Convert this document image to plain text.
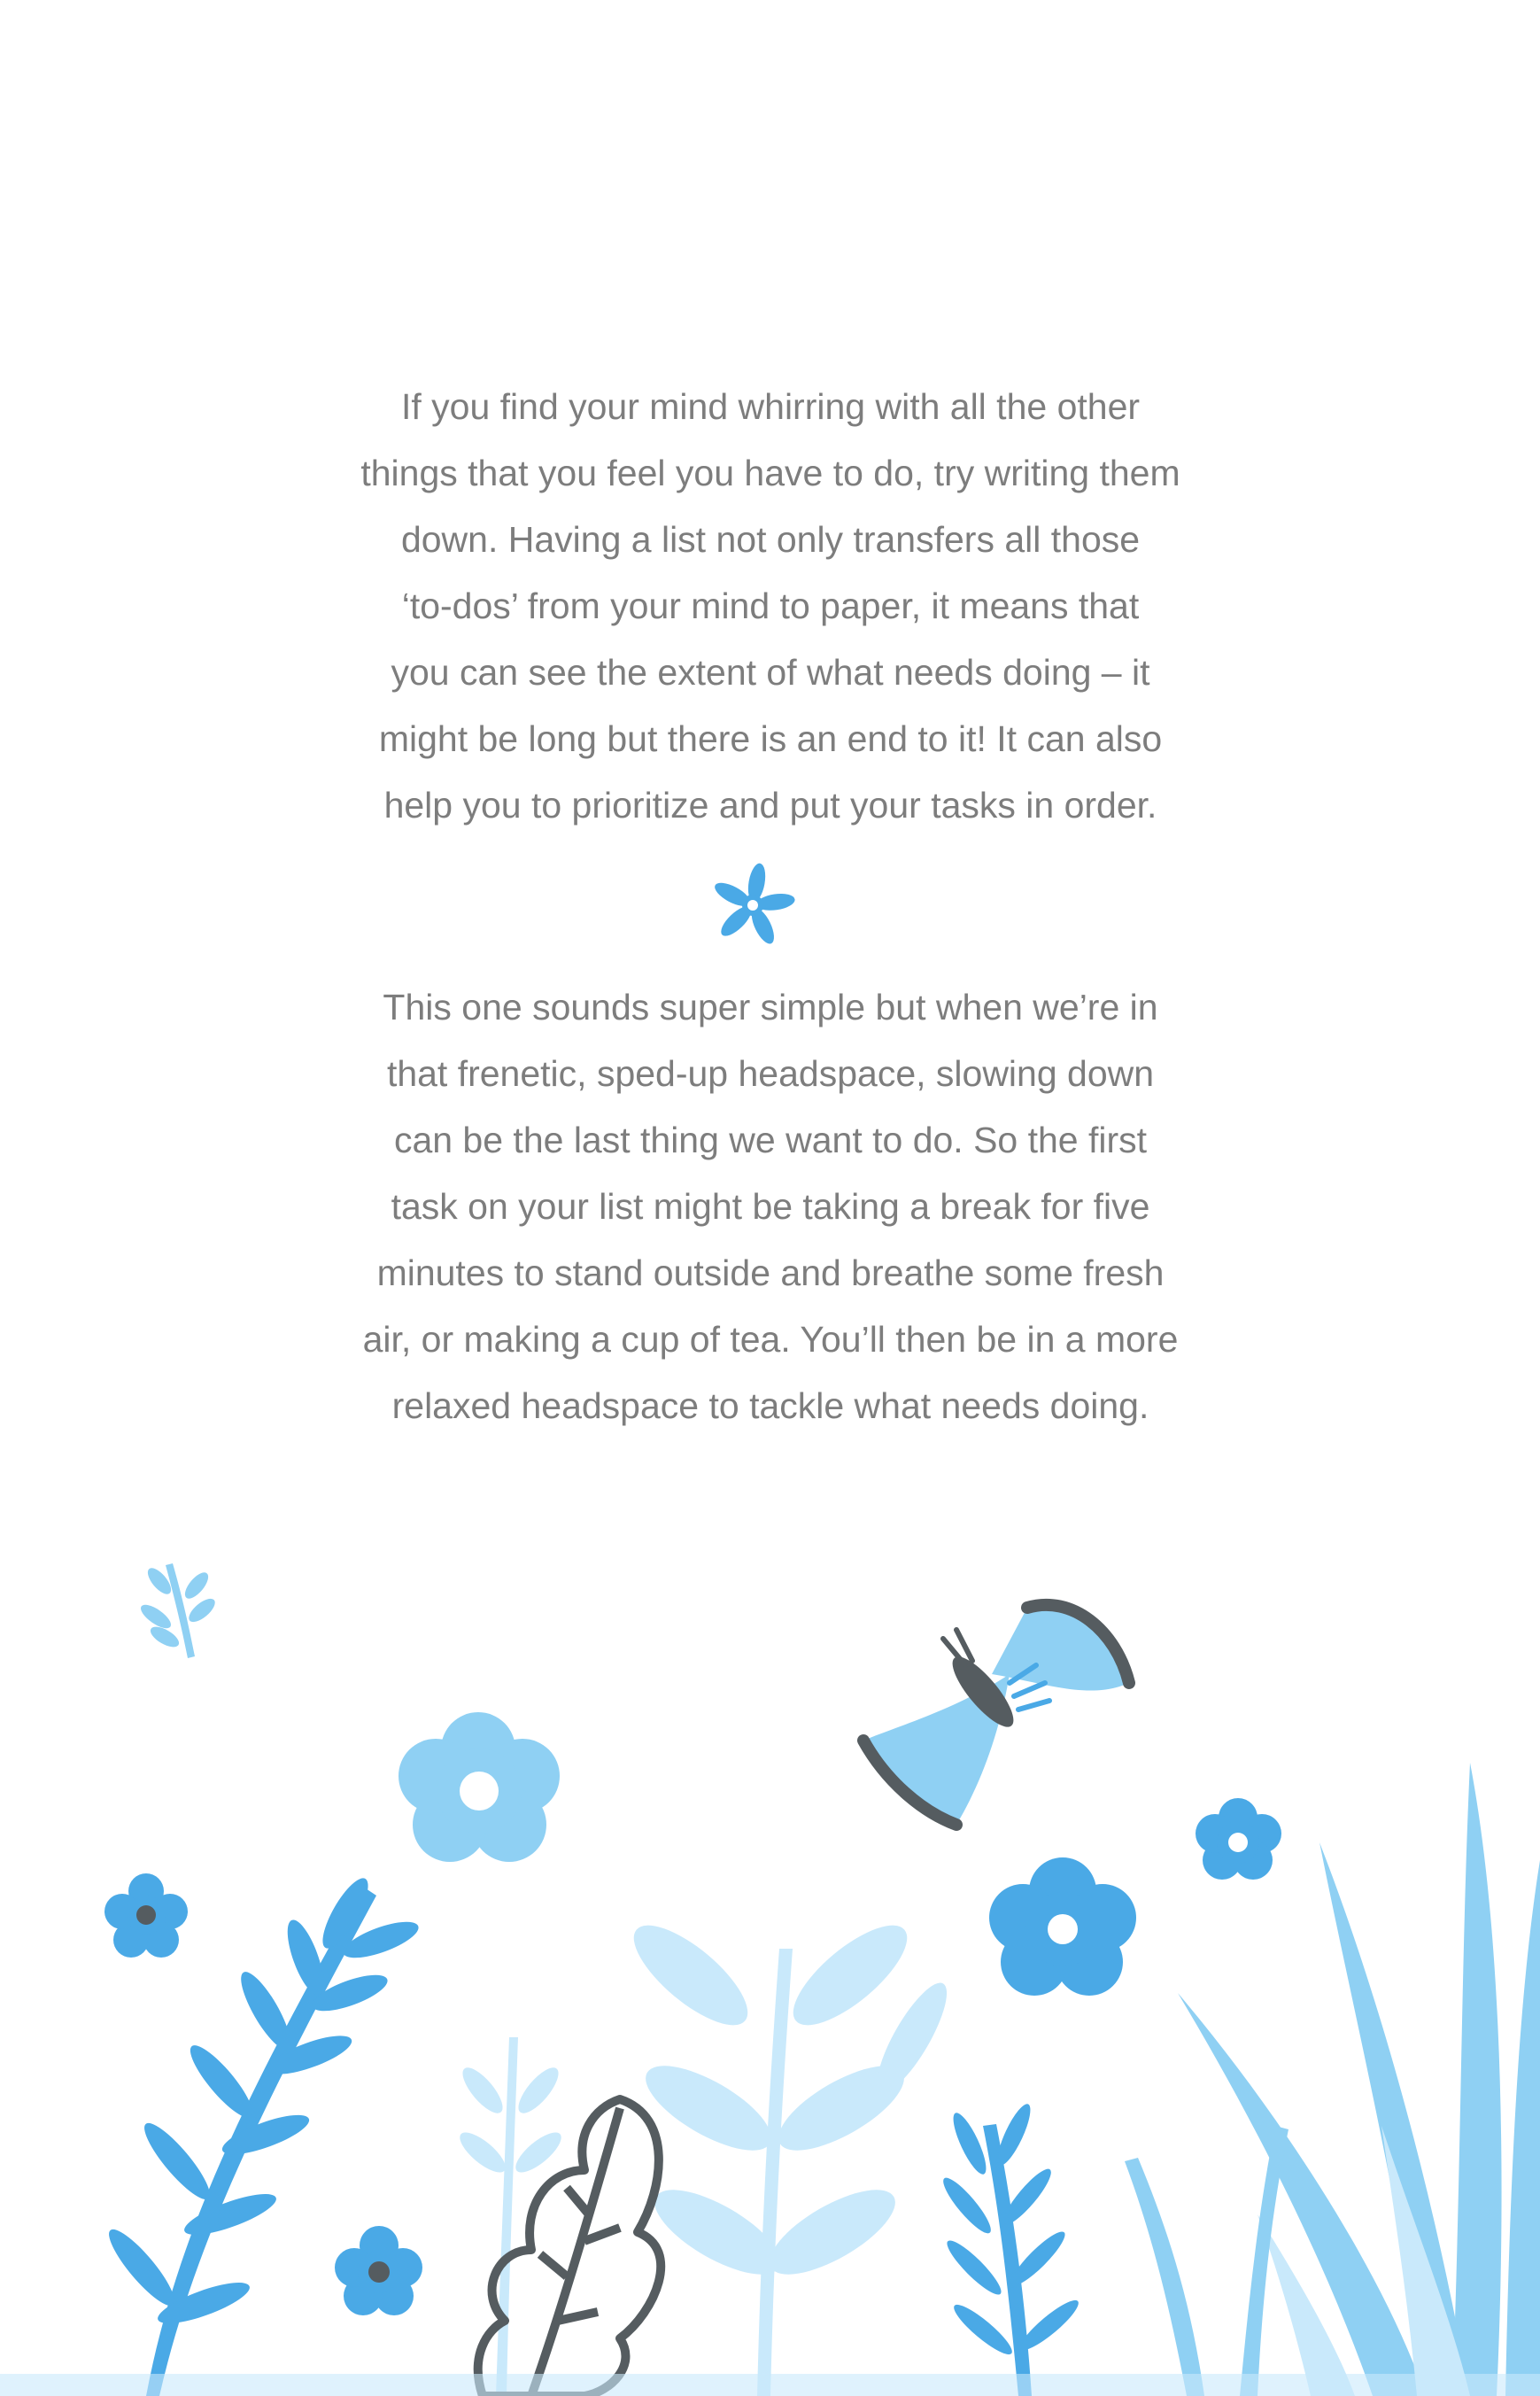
If you find your mind whirring with all the other

things that you feel you have to do, try writing them

down. Having a list not only transfers all those

‘to-dos’ from your mind to paper, it means that

you can see the extent of what needs doing – it

might be long but there is an end to it! It can also

help you to prioritize and put your tasks in order.

This one sounds super simple but when we’re in

that frenetic, sped-up headspace, slowing down

can be the last thing we want to do. So the first

task on your list might be taking a break for five

minutes to stand outside and breathe some fresh

air, or making a cup of tea. You’ll then be in a more

relaxed headspace to tackle what needs doing.
